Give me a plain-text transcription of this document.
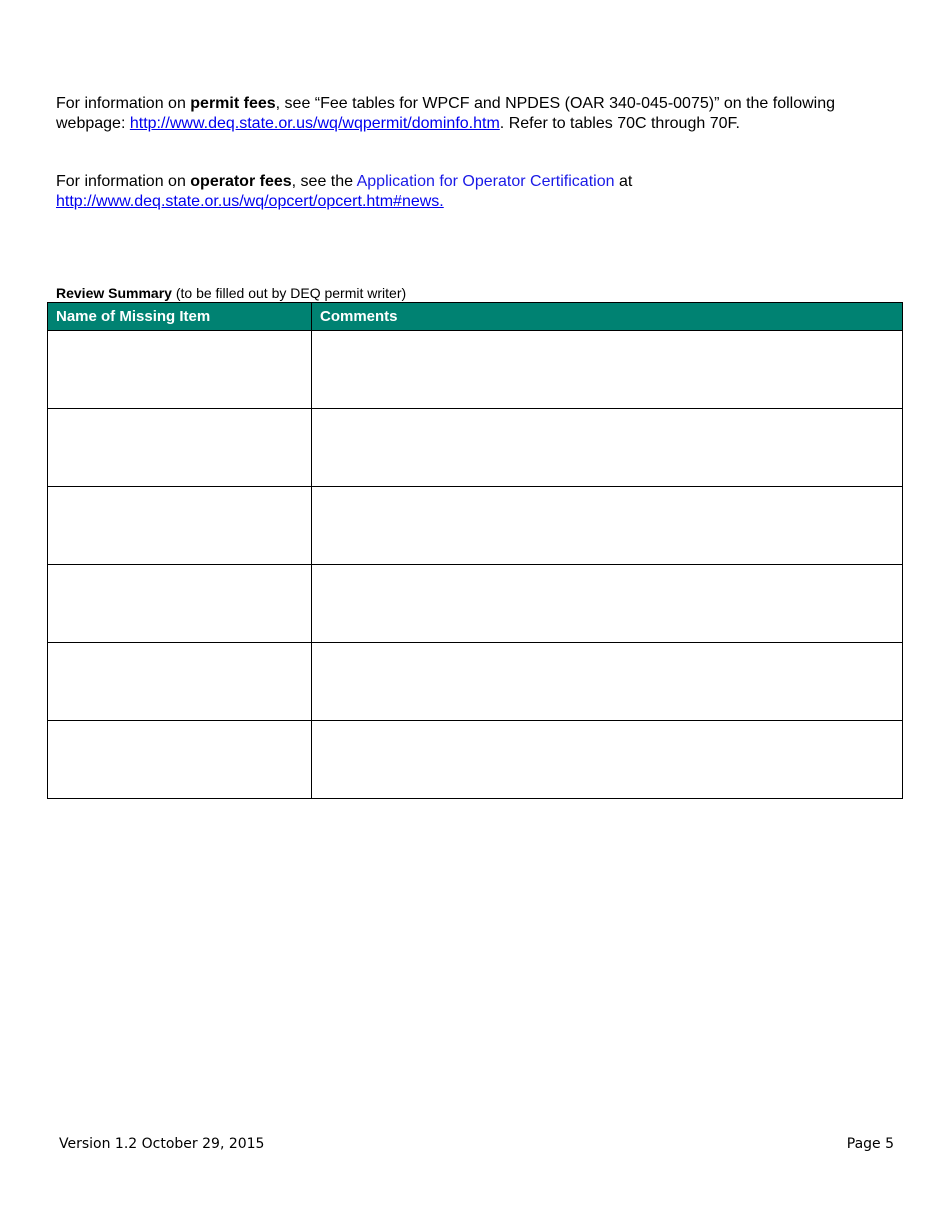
For information on permit fees, see “Fee tables for WPCF and NPDES (OAR 340-045-0075)” on the following webpage: http://www.deq.state.or.us/wq/wqpermit/dominfo.htm. Refer to tables 70C through 70F.
For information on operator fees, see the Application for Operator Certification at
http://www.deq.state.or.us/wq/opcert/opcert.htm#news.
Review Summary (to be filled out by DEQ permit writer)
Name of Missing Item	Comments

Version 1.2 October 29, 2015	Page 5
